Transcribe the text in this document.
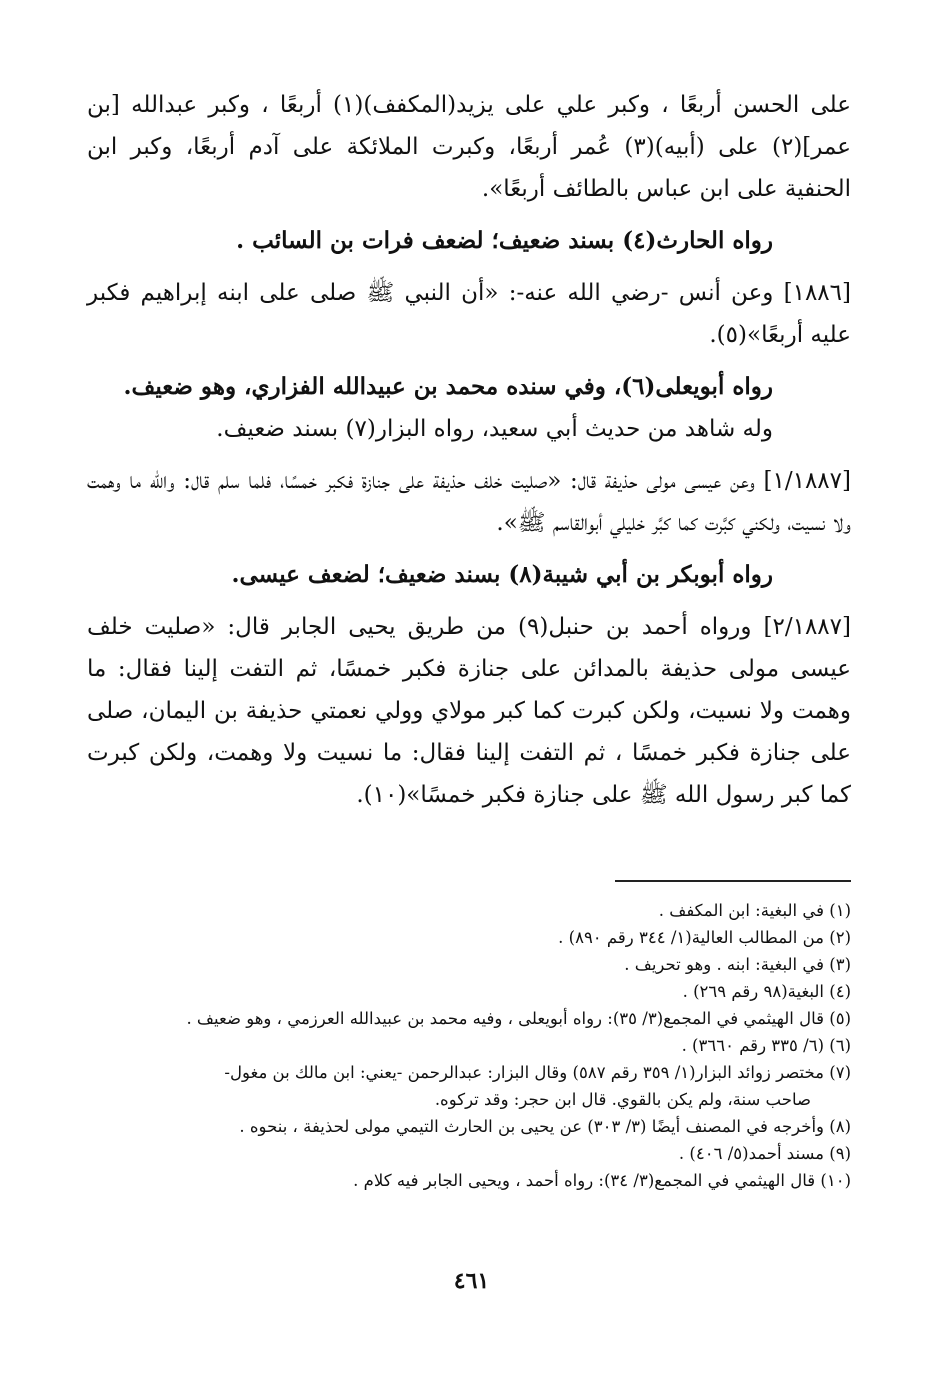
على الحسن أربعًا ، وكبر علي على يزيد(المكفف)(١) أربعًا ، وكبر عبدالله [بن عمر](٢) على (أبيه)(٣) عُمر أربعًا، وكبرت الملائكة على آدم أربعًا، وكبر ابن الحنفية على ابن عباس بالطائف أربعًا».

رواه الحارث(٤) بسند ضعيف؛ لضعف فرات بن السائب .

[١٨٨٦] وعن أنس -رضي الله عنه-: «أن النبي ﷺ صلى على ابنه إبراهيم فكبر عليه أربعًا»(٥).

رواه أبويعلى(٦)، وفي سنده محمد بن عبيدالله الفزاري، وهو ضعيف.

وله شاهد من حديث أبي سعيد، رواه البزار(٧) بسند ضعيف.

[١/١٨٨٧] وعن عيسى مولى حذيفة قال: «صليت خلف حذيفة على جنازة فكبر خمسًا، فلما سلم قال: والله ما وهمت ولا نسيت، ولكني كبَّرت كما كبَّر خليلي أبوالقاسم ﷺ».

رواه أبوبكر بن أبي شيبة(٨) بسند ضعيف؛ لضعف عيسى.

[٢/١٨٨٧] ورواه أحمد بن حنبل(٩) من طريق يحيى الجابر قال: «صليت خلف عيسى مولى حذيفة بالمدائن على جنازة فكبر خمسًا، ثم التفت إلينا فقال: ما وهمت ولا نسيت، ولكن كبرت كما كبر مولاي وولي نعمتي حذيفة بن اليمان، صلى على جنازة فكبر خمسًا ، ثم التفت إلينا فقال: ما نسيت ولا وهمت، ولكن كبرت كما كبر رسول الله ﷺ على جنازة فكبر خمسًا»(١٠).

(١) في البغية: ابن المكفف .

(٢) من المطالب العالية(١/ ٣٤٤ رقم ٨٩٠) .

(٣) في البغية: ابنه . وهو تحريف .

(٤) البغية(٩٨ رقم ٢٦٩) .

(٥) قال الهيثمي في المجمع(٣/ ٣٥): رواه أبويعلى ، وفيه محمد بن عبيدالله العرزمي ، وهو ضعيف .

(٦) (٦/ ٣٣٥ رقم ٣٦٦٠) .

(٧) مختصر زوائد البزار(١/ ٣٥٩ رقم ٥٨٧) وقال البزار: عبدالرحمن -يعني: ابن مالك بن مغول-

صاحب سنة، ولم يكن بالقوي. قال ابن حجر: وقد تركوه.

(٨) وأخرجه في المصنف أيضًا (٣/ ٣٠٣) عن يحيى بن الحارث التيمي مولى لحذيفة ، بنحوه .

(٩) مسند أحمد(٥/ ٤٠٦) .

(١٠) قال الهيثمي في المجمع(٣/ ٣٤): رواه أحمد ، ويحيى الجابر فيه كلام .

٤٦١
